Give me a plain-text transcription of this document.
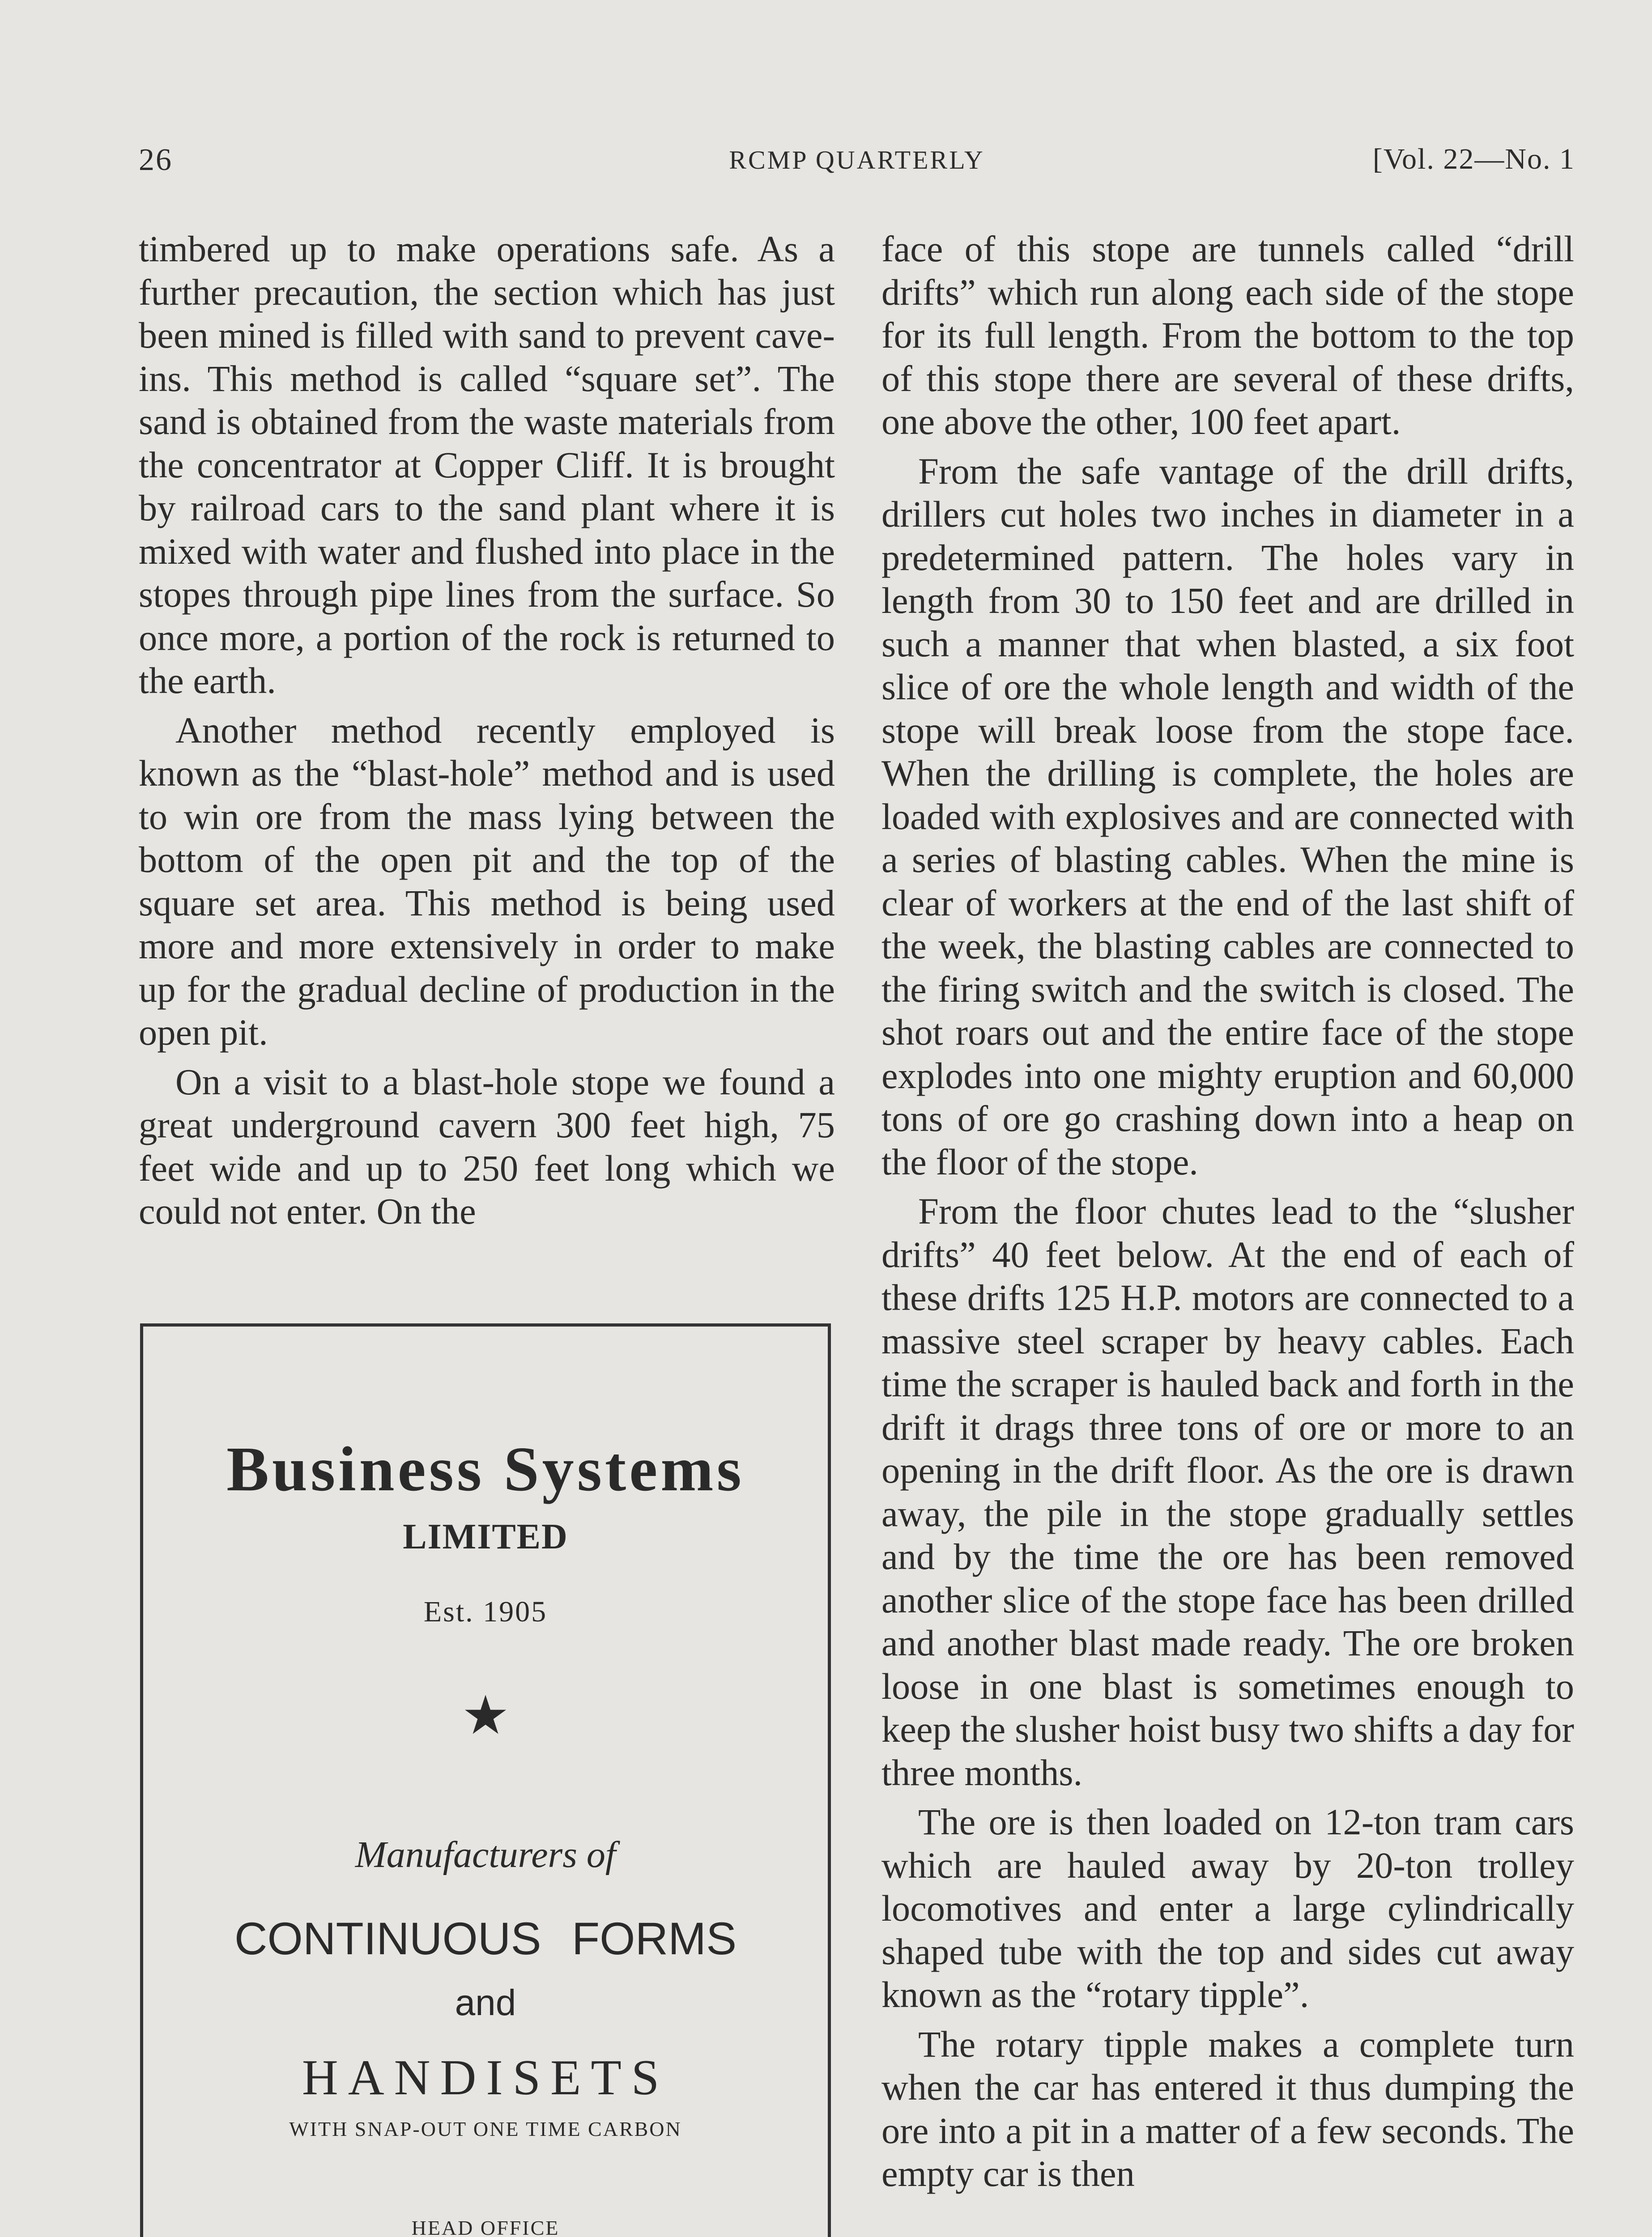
26	RCMP QUARTERLY	[Vol. 22—No. 1

timbered up to make operations safe. As a further precaution, the section which has just been mined is filled with sand to prevent cave-ins. This method is called “square set”. The sand is obtained from the waste materials from the concentrator at Copper Cliff. It is brought by railroad cars to the sand plant where it is mixed with water and flushed into place in the stopes through pipe lines from the surface. So once more, a portion of the rock is returned to the earth.

Another method recently employed is known as the “blast-hole” method and is used to win ore from the mass lying between the bottom of the open pit and the top of the square set area. This method is being used more and more extensively in order to make up for the gradual decline of production in the open pit.

On a visit to a blast-hole stope we found a great underground cavern 300 feet high, 75 feet wide and up to 250 feet long which we could not enter. On the

Business Systems
LIMITED
Est. 1905
★
Manufacturers of
CONTINUOUS FORMS
and
HANDISETS
WITH SNAP-OUT ONE TIME CARBON
HEAD OFFICE

face of this stope are tunnels called “drill drifts” which run along each side of the stope for its full length. From the bottom to the top of this stope there are several of these drifts, one above the other, 100 feet apart.

From the safe vantage of the drill drifts, drillers cut holes two inches in diameter in a predetermined pattern. The holes vary in length from 30 to 150 feet and are drilled in such a manner that when blasted, a six foot slice of ore the whole length and width of the stope will break loose from the stope face. When the drilling is complete, the holes are loaded with explosives and are connected with a series of blasting cables. When the mine is clear of workers at the end of the last shift of the week, the blasting cables are connected to the firing switch and the switch is closed. The shot roars out and the entire face of the stope explodes into one mighty eruption and 60,000 tons of ore go crashing down into a heap on the floor of the stope.

From the floor chutes lead to the “slusher drifts” 40 feet below. At the end of each of these drifts 125 H.P. motors are connected to a massive steel scraper by heavy cables. Each time the scraper is hauled back and forth in the drift it drags three tons of ore or more to an opening in the drift floor. As the ore is drawn away, the pile in the stope gradually settles and by the time the ore has been removed another slice of the stope face has been drilled and another blast made ready. The ore broken loose in one blast is sometimes enough to keep the slusher hoist busy two shifts a day for three months.

The ore is then loaded on 12-ton tram cars which are hauled away by 20-ton trolley locomotives and enter a large cylindrically shaped tube with the top and sides cut away known as the “rotary tipple”.

The rotary tipple makes a complete turn when the car has entered it thus dumping the ore into a pit in a matter of a few seconds. The empty car is then
